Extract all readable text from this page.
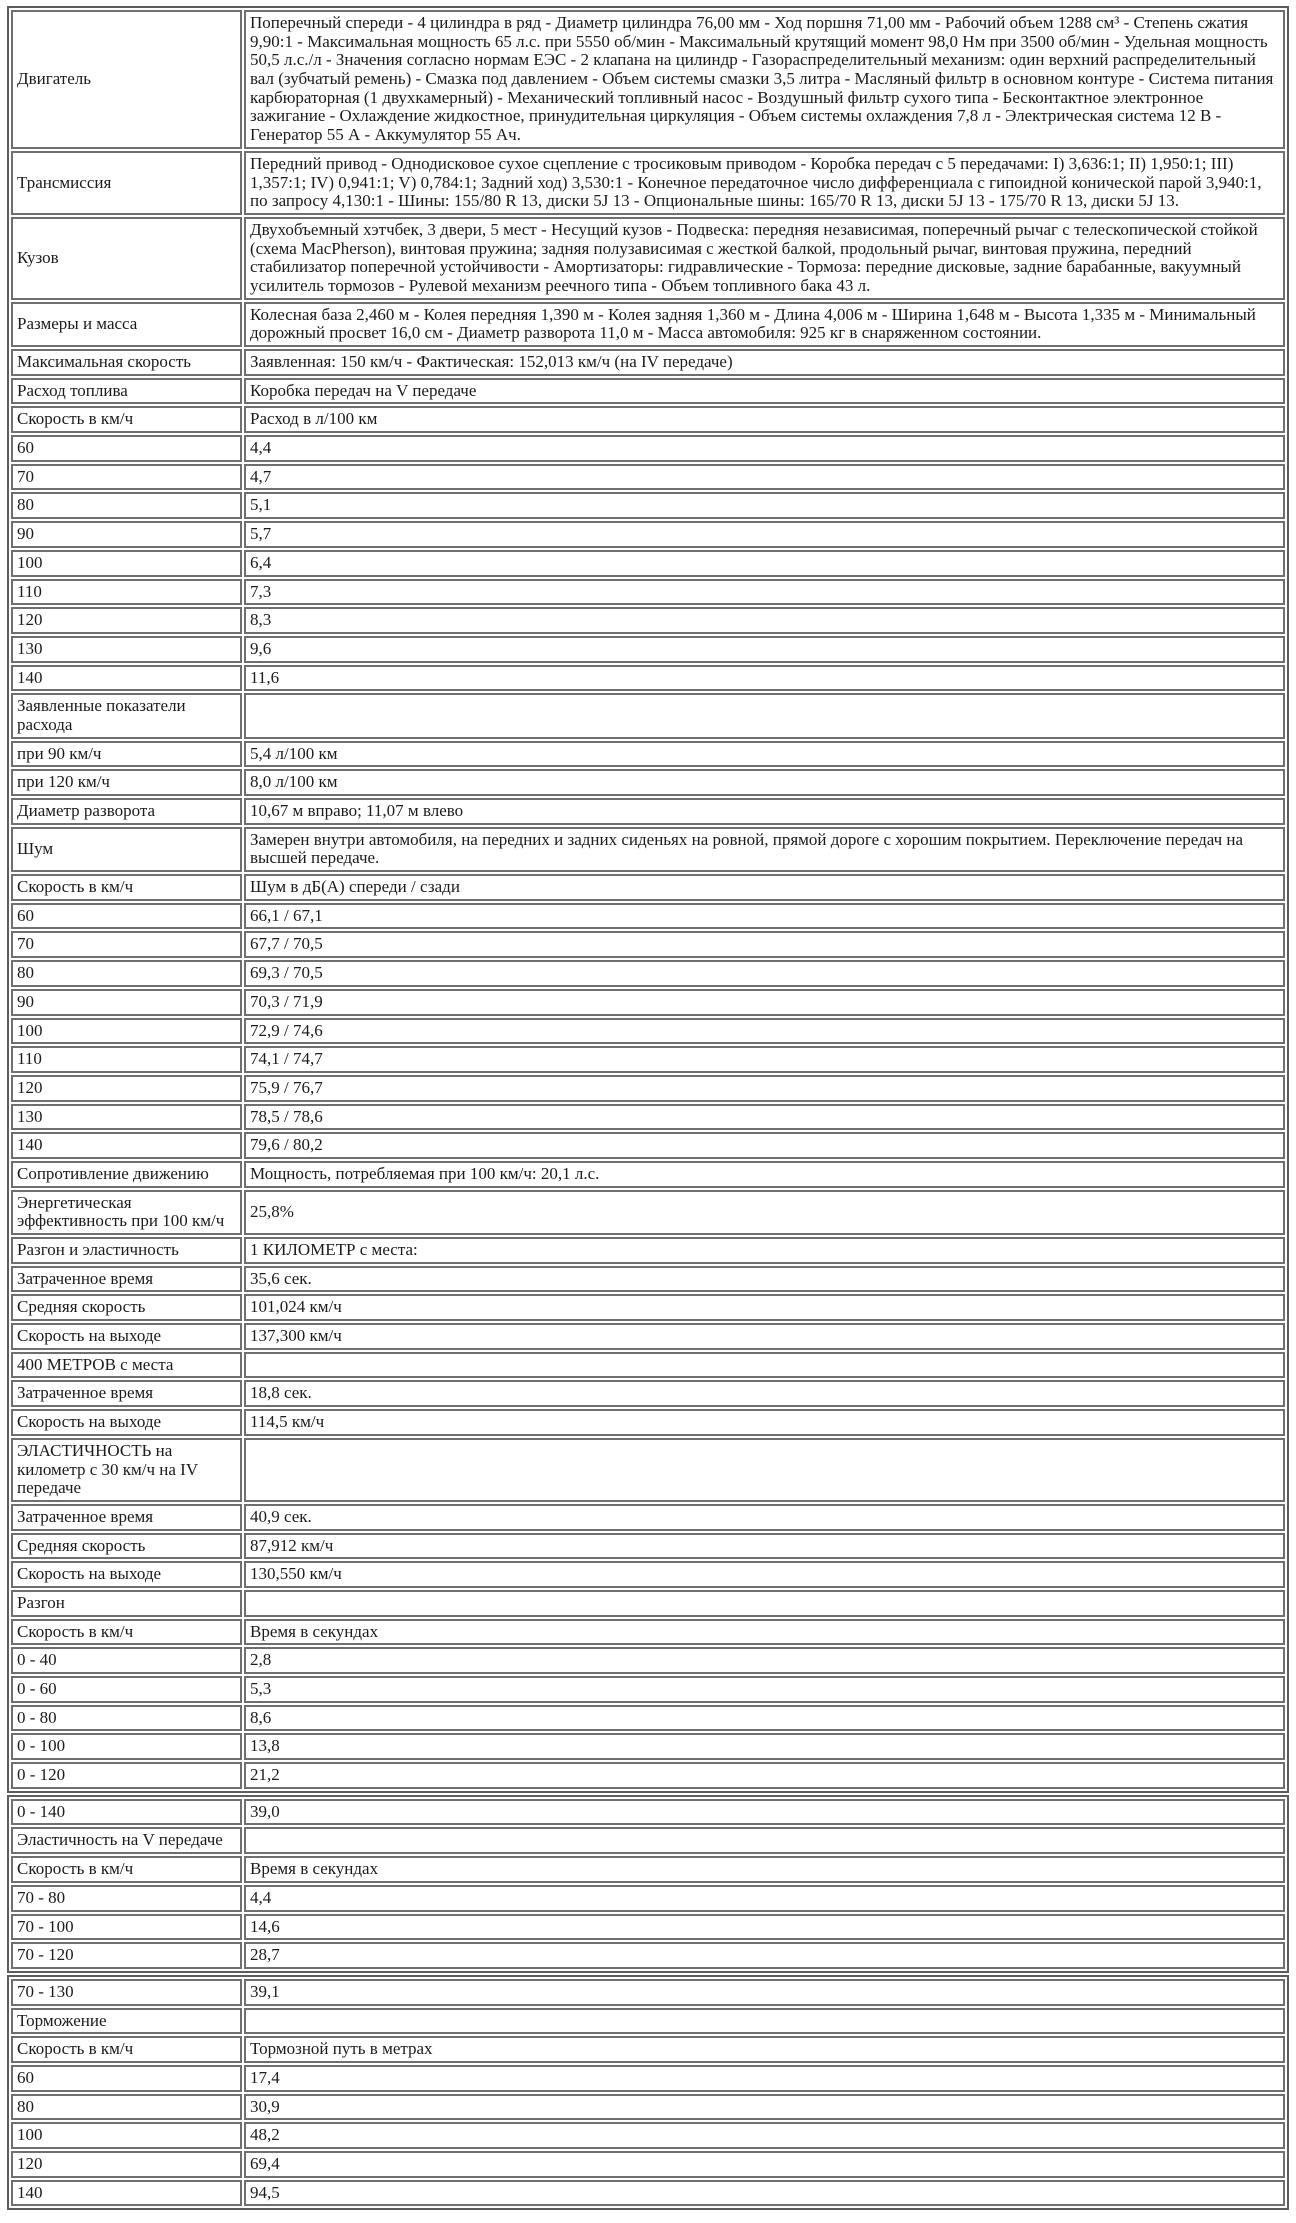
Двигатель	Поперечный спереди - 4 цилиндра в ряд - Диаметр цилиндра 76,00 мм - Ход поршня 71,00 мм - Рабочий объем 1288 см³ - Степень сжатия 9,90:1 - Максимальная мощность 65 л.с. при 5550 об/мин - Максимальный крутящий момент 98,0 Нм при 3500 об/мин - Удельная мощность 50,5 л.с./л - Значения согласно нормам ЕЭС - 2 клапана на цилиндр - Газораспределительный механизм: один верхний распределительный вал (зубчатый ремень) - Смазка под давлением - Объем системы смазки 3,5 литра - Масляный фильтр в основном контуре - Система питания карбюраторная (1 двухкамерный) - Механический топливный насос - Воздушный фильтр сухого типа - Бесконтактное электронное зажигание - Охлаждение жидкостное, принудительная циркуляция - Объем системы охлаждения 7,8 л - Электрическая система 12 В - Генератор 55 А - Аккумулятор 55 Ач.
Трансмиссия	Передний привод - Однодисковое сухое сцепление с тросиковым приводом - Коробка передач с 5 передачами: I) 3,636:1; II) 1,950:1; III) 1,357:1; IV) 0,941:1; V) 0,784:1; Задний ход) 3,530:1 - Конечное передаточное число дифференциала с гипоидной конической парой 3,940:1, по запросу 4,130:1 - Шины: 155/80 R 13, диски 5J 13 - Опциональные шины: 165/70 R 13, диски 5J 13 - 175/70 R 13, диски 5J 13.
Кузов	Двухобъемный хэтчбек, 3 двери, 5 мест - Несущий кузов - Подвеска: передняя независимая, поперечный рычаг с телескопической стойкой (схема MacPherson), винтовая пружина; задняя полузависимая с жесткой балкой, продольный рычаг, винтовая пружина, передний стабилизатор поперечной устойчивости - Амортизаторы: гидравлические - Тормоза: передние дисковые, задние барабанные, вакуумный усилитель тормозов - Рулевой механизм реечного типа - Объем топливного бака 43 л.
Размеры и масса	Колесная база 2,460 м - Колея передняя 1,390 м - Колея задняя 1,360 м - Длина 4,006 м - Ширина 1,648 м - Высота 1,335 м - Минимальный дорожный просвет 16,0 см - Диаметр разворота 11,0 м - Масса автомобиля: 925 кг в снаряженном состоянии.
Максимальная скорость	Заявленная: 150 км/ч - Фактическая: 152,013 км/ч (на IV передаче)
Расход топлива	Коробка передач на V передаче
Скорость в км/ч	Расход в л/100 км
60	4,4
70	4,7
80	5,1
90	5,7
100	6,4
110	7,3
120	8,3
130	9,6
140	11,6
Заявленные показатели расхода	
при 90 км/ч	5,4 л/100 км
при 120 км/ч	8,0 л/100 км
Диаметр разворота	10,67 м вправо; 11,07 м влево
Шум	Замерен внутри автомобиля, на передних и задних сиденьях на ровной, прямой дороге с хорошим покрытием. Переключение передач на высшей передаче.
Скорость в км/ч	Шум в дБ(А) спереди / сзади
60	66,1 / 67,1
70	67,7 / 70,5
80	69,3 / 70,5
90	70,3 / 71,9
100	72,9 / 74,6
110	74,1 / 74,7
120	75,9 / 76,7
130	78,5 / 78,6
140	79,6 / 80,2
Сопротивление движению	Мощность, потребляемая при 100 км/ч: 20,1 л.с.
Энергетическая эффективность при 100 км/ч	25,8%
Разгон и эластичность	1 КИЛОМЕТР с места:
Затраченное время	35,6 сек.
Средняя скорость	101,024 км/ч
Скорость на выходе	137,300 км/ч
400 МЕТРОВ с места	
Затраченное время	18,8 сек.
Скорость на выходе	114,5 км/ч
ЭЛАСТИЧНОСТЬ на километр с 30 км/ч на IV передаче	
Затраченное время	40,9 сек.
Средняя скорость	87,912 км/ч
Скорость на выходе	130,550 км/ч
Разгон	
Скорость в км/ч	Время в секундах
0 - 40	2,8
0 - 60	5,3
0 - 80	8,6
0 - 100	13,8
0 - 120	21,2
0 - 140	39,0
Эластичность на V передаче	
Скорость в км/ч	Время в секундах
70 - 80	4,4
70 - 100	14,6
70 - 120	28,7
70 - 130	39,1
Торможение	
Скорость в км/ч	Тормозной путь в метрах
60	17,4
80	30,9
100	48,2
120	69,4
140	94,5
